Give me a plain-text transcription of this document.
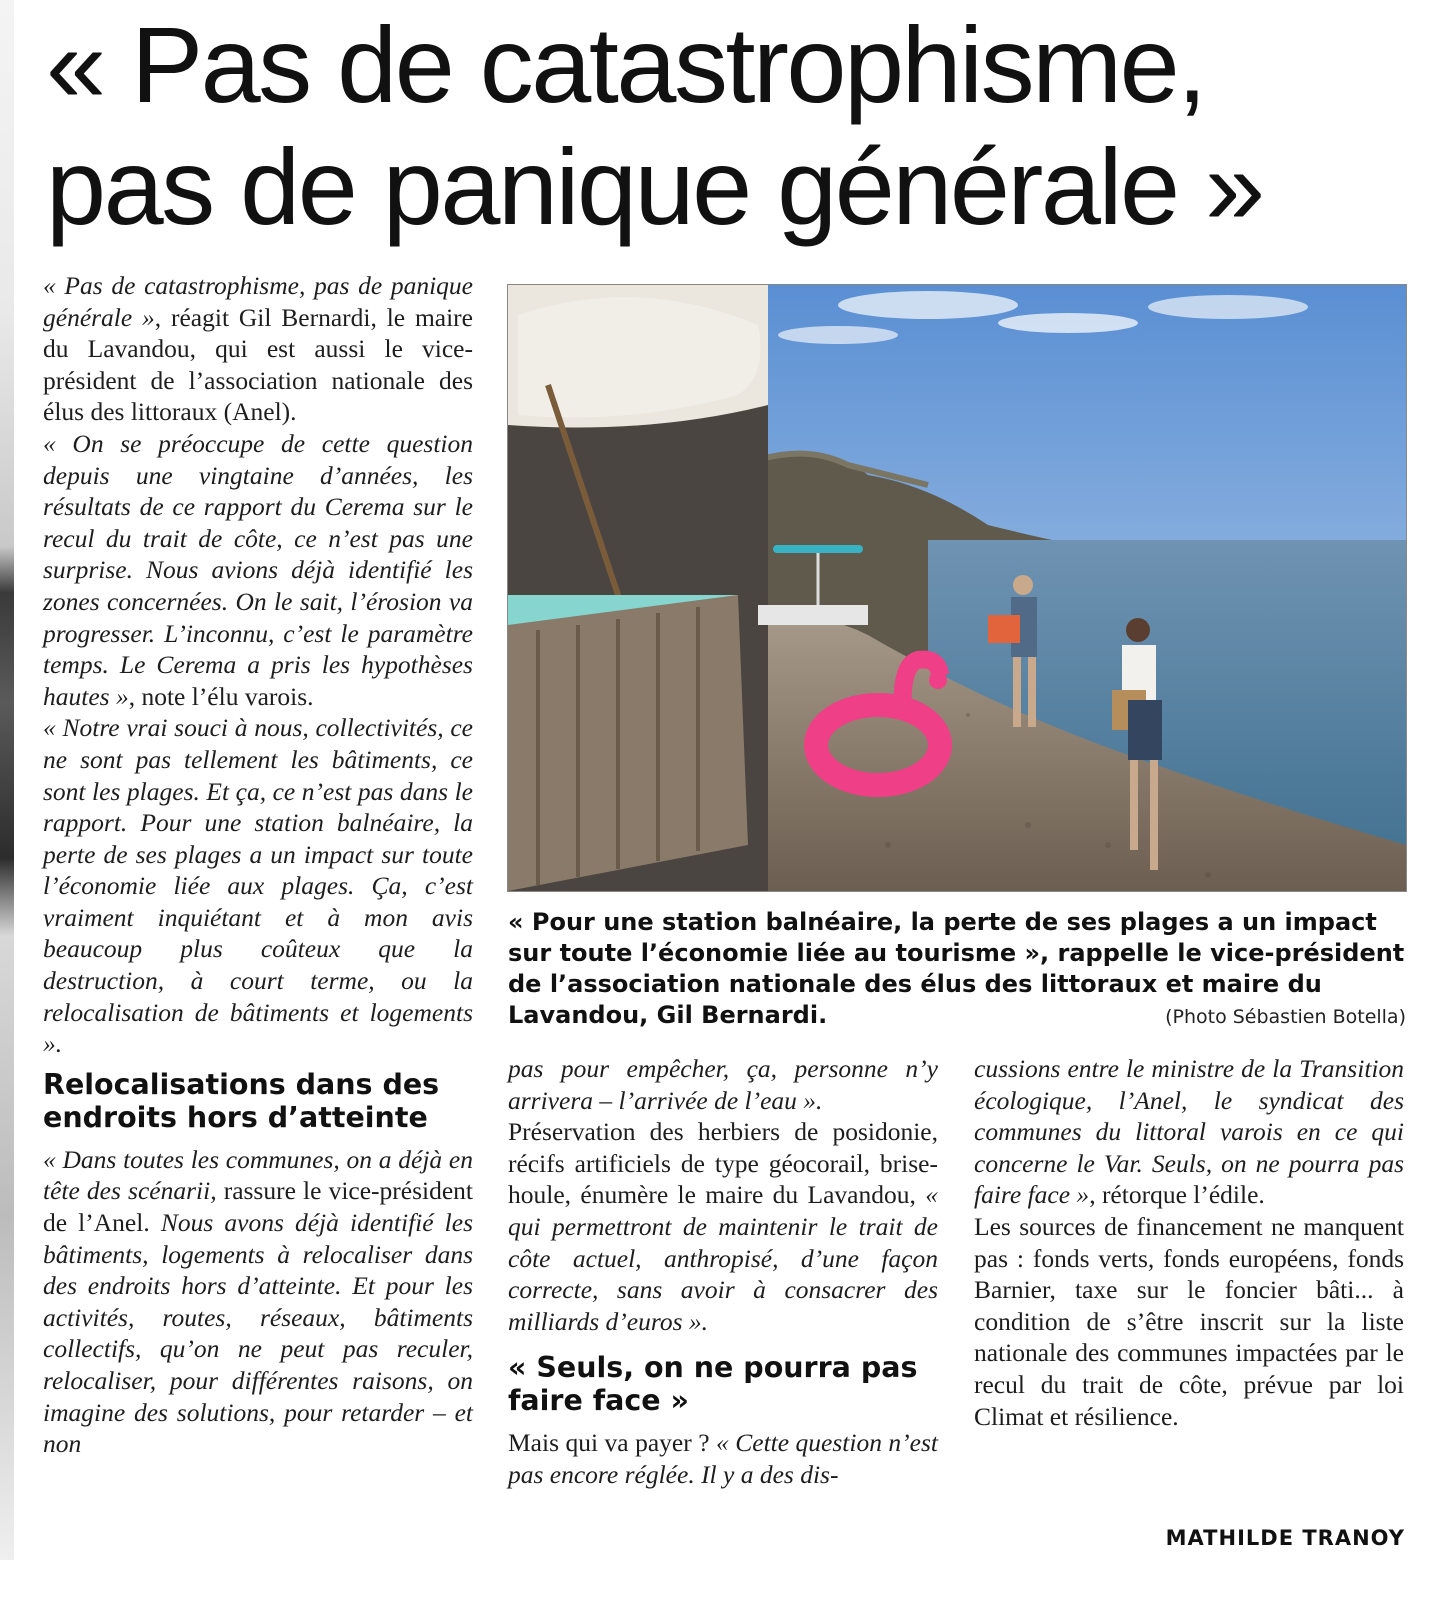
« Pas de catastrophisme,
pas de panique générale »

« Pas de catastrophisme, pas de panique générale », réagit Gil Bernardi, le maire du Lavandou, qui est aussi le vice-président de l’association nationale des élus des littoraux (Anel).

« On se préoccupe de cette question depuis une vingtaine d’années, les résultats de ce rapport du Cerema sur le recul du trait de côte, ce n’est pas une surprise. Nous avions déjà identifié les zones concernées. On le sait, l’érosion va progresser. L’inconnu, c’est le paramètre temps. Le Cerema a pris les hypothèses hautes », note l’élu varois.

« Notre vrai souci à nous, collectivités, ce ne sont pas tellement les bâtiments, ce sont les plages. Et ça, ce n’est pas dans le rapport. Pour une station balnéaire, la perte de ses plages a un impact sur toute l’économie liée aux plages. Ça, c’est vraiment inquiétant et à mon avis beaucoup plus coûteux que la destruction, à court terme, ou la relocalisation de bâtiments et logements ».

Relocalisations dans des endroits hors d’atteinte

« Dans toutes les communes, on a déjà en tête des scénarii, rassure le vice-président de l’Anel. Nous avons déjà identifié les bâtiments, logements à relocaliser dans des endroits hors d’atteinte. Et pour les activités, routes, réseaux, bâtiments collectifs, qu’on ne peut pas reculer, relocaliser, pour différentes raisons, on imagine des solutions, pour retarder – et non

« Pour une station balnéaire, la perte de ses plages a un impact sur toute l’économie liée au tourisme », rappelle le vice-président de l’association nationale des élus des littoraux et maire du Lavandou, Gil Bernardi.	(Photo Sébastien Botella)

pas pour empêcher, ça, personne n’y arrivera – l’arrivée de l’eau ».

Préservation des herbiers de posidonie, récifs artificiels de type géocorail, brise-houle, énumère le maire du Lavandou, « qui permettront de maintenir le trait de côte actuel, anthropisé, d’une façon correcte, sans avoir à consacrer des milliards d’euros ».

« Seuls, on ne pourra pas faire face »

Mais qui va payer ? « Cette question n’est pas encore réglée. Il y a des dis-

cussions entre le ministre de la Transition écologique, l’Anel, le syndicat des communes du littoral varois en ce qui concerne le Var. Seuls, on ne pourra pas faire face », rétorque l’édile.

Les sources de financement ne manquent pas : fonds verts, fonds européens, fonds Barnier, taxe sur le foncier bâti... à condition de s’être inscrit sur la liste nationale des communes impactées par le recul du trait de côte, prévue par loi Climat et résilience.

MATHILDE TRANOY
